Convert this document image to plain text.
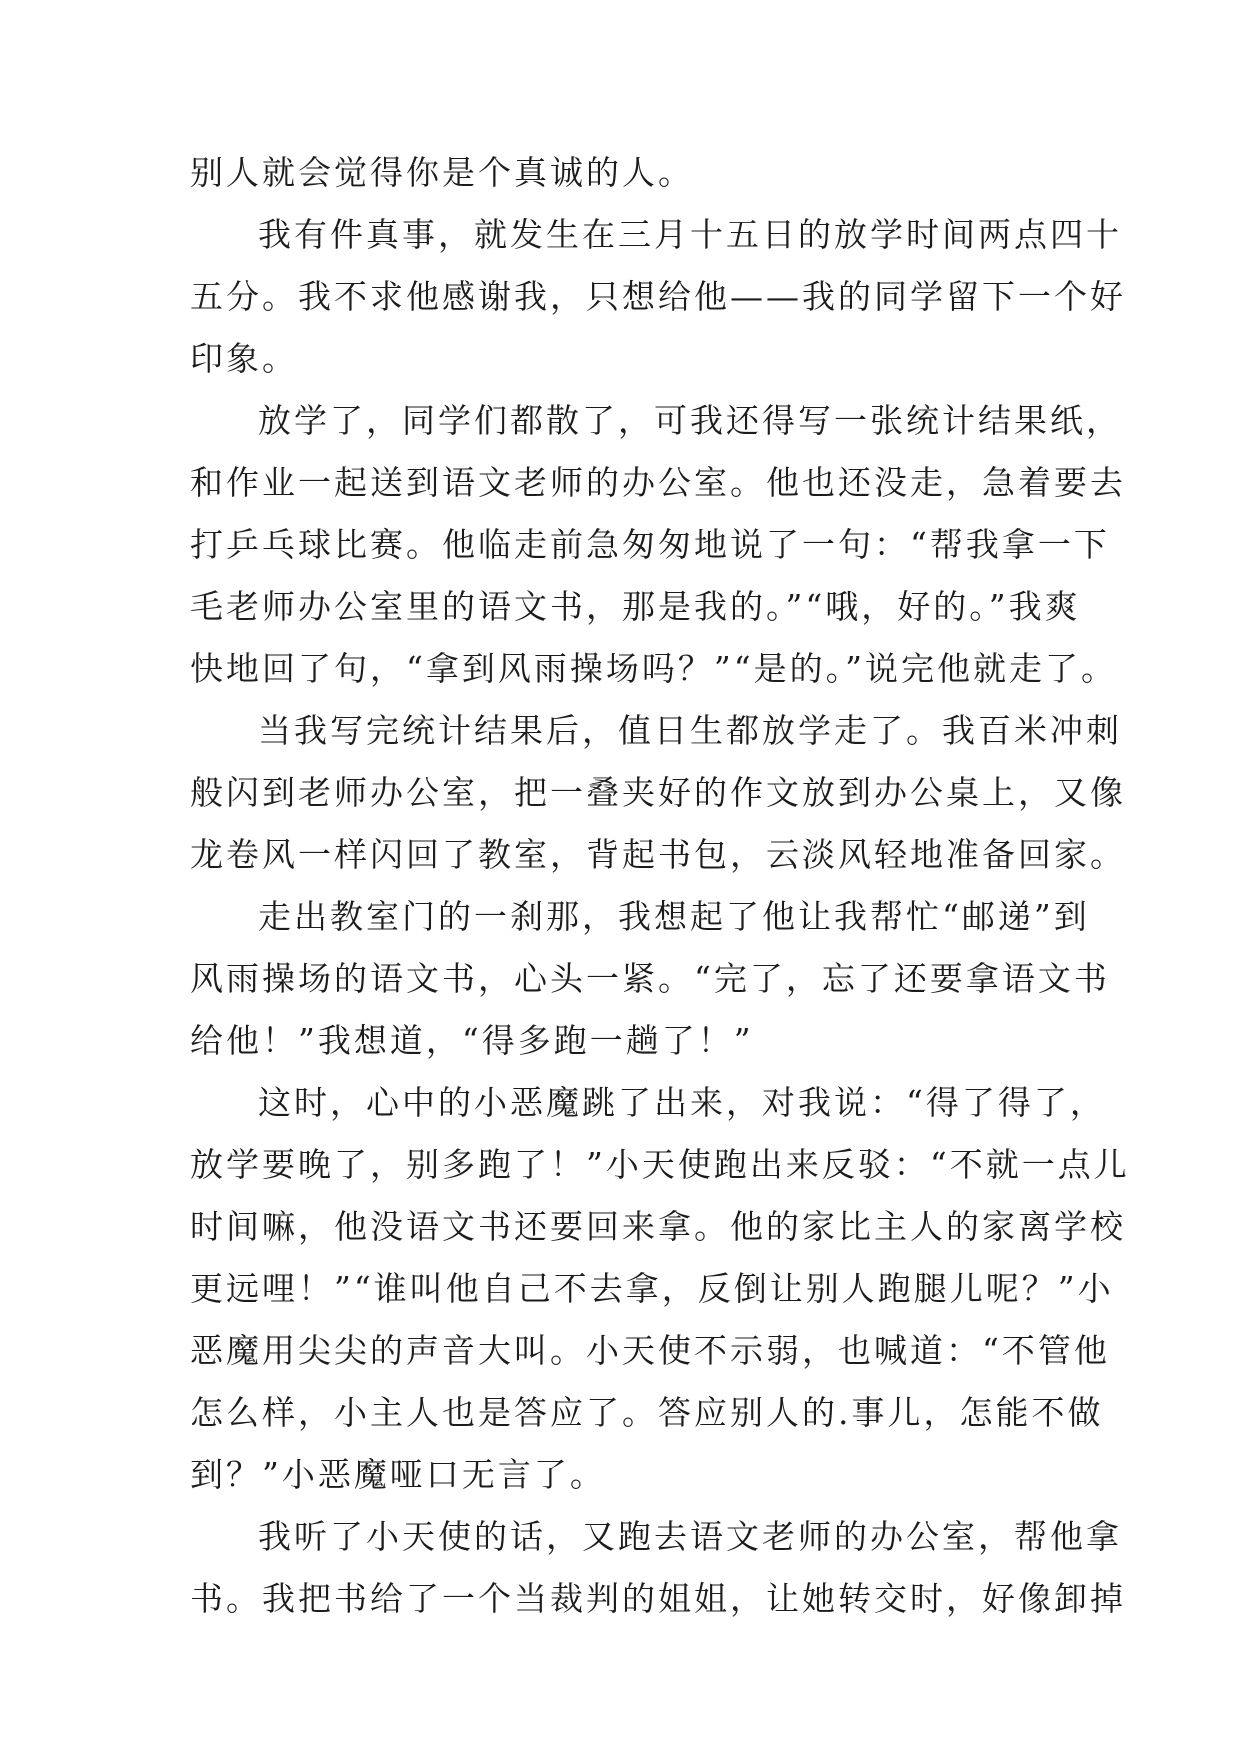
别人就会觉得你是个真诚的人。
我有件真事，就发生在三月十五日的放学时间两点四十
五分。我不求他感谢我，只想给他——我的同学留下一个好
印象。
放学了，同学们都散了，可我还得写一张统计结果纸，
和作业一起送到语文老师的办公室。他也还没走，急着要去
打乒乓球比赛。他临走前急匆匆地说了一句：“帮我拿一下
毛老师办公室里的语文书，那是我的。”“哦，好的。”我爽
快地回了句，“拿到风雨操场吗？”“是的。”说完他就走了。
当我写完统计结果后，值日生都放学走了。我百米冲刺
般闪到老师办公室，把一叠夹好的作文放到办公桌上，又像
龙卷风一样闪回了教室，背起书包，云淡风轻地准备回家。
走出教室门的一刹那，我想起了他让我帮忙“邮递”到
风雨操场的语文书，心头一紧。“完了，忘了还要拿语文书
给他！”我想道，“得多跑一趟了！”
这时，心中的小恶魔跳了出来，对我说：“得了得了，
放学要晚了，别多跑了！”小天使跑出来反驳：“不就一点儿
时间嘛，他没语文书还要回来拿。他的家比主人的家离学校
更远哩！”“谁叫他自己不去拿，反倒让别人跑腿儿呢？”小
恶魔用尖尖的声音大叫。小天使不示弱，也喊道：“不管他
怎么样，小主人也是答应了。答应别人的.事儿，怎能不做
到？”小恶魔哑口无言了。
我听了小天使的话，又跑去语文老师的办公室，帮他拿
书。我把书给了一个当裁判的姐姐，让她转交时，好像卸掉
